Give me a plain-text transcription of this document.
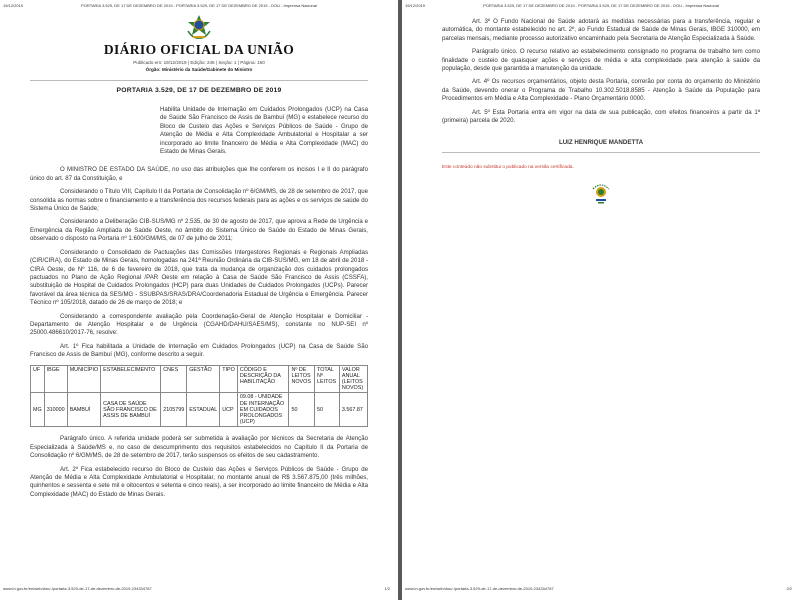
19/12/2019	PORTARIA 3.529, DE 17 DE DEZEMBRO DE 2019 - PORTARIA 3.529, DE 17 DE DEZEMBRO DE 2019 - DOU - Imprensa Nacional
DIÁRIO OFICIAL DA UNIÃO
Publicado em: 19/12/2019 | Edição: 245 | Seção: 1 | Página: 160
Órgão: Ministério da Saúde/Gabinete do Ministro
PORTARIA 3.529, DE 17 DE DEZEMBRO DE 2019
Habilita Unidade de Internação em Cuidados Prolongados (UCP) na Casa de Saúde São Francisco de Assis de Bambuí (MG) e estabelece recurso do Bloco de Custeio das Ações e Serviços Públicos de Saúde - Grupo de Atenção de Média e Alta Complexidade Ambulatorial e Hospitalar a ser incorporado ao limite financeiro de Média e Alta Complexidade (MAC) do Estado de Minas Gerais.

O MINISTRO DE ESTADO DA SAÚDE, no uso das atribuições que lhe conferem os incisos I e II do parágrafo único do art. 87 da Constituição, e

Considerando o Título VIII, Capítulo II da Portaria de Consolidação nº 6/GM/MS, de 28 de setembro de 2017, que consolida as normas sobre o financiamento e a transferência dos recursos federais para as ações e os serviços de saúde do Sistema Único de Saúde;

Considerando a Deliberação CIB-SUS/MG nº 2.535, de 30 de agosto de 2017, que aprova a Rede de Urgência e Emergência da Região Ampliada de Saúde Oeste, no âmbito do Sistema Único de Saúde do Estado de Minas Gerais, observado o disposto na Portaria nº 1.600/GM/MS, de 07 de julho de 2011;

Considerando o Consolidado de Pactuações das Comissões Intergestores Regionais e Regionais Ampliadas (CIR/CIRA), do Estado de Minas Gerais, homologadas na 241ª Reunião Ordinária da CIB-SUS/MG, em 18 de abril de 2018 - CIRA Oeste, de Nº 116, de 6 de fevereiro de 2018, que trata da mudança de organização dos cuidados prolongados pactuados no Plano de Ação Regional /PAR Oeste em relação à Casa de Saúde São Francisco de Assis (CSSFA), substituição de Hospital de Cuidados Prolongados (HCP) para duas Unidades de Cuidados Prolongados (UCPs). Parecer favorável da área técnica da SES/MG - SSUBPAS/SRAS/DRA/Coordenadoria Estadual de Urgência e Emergência. Parecer Técnico nº 105/2018, datado de 26 de março de 2018; e

Considerando a correspondente avaliação pela Coordenação-Geral de Atenção Hospitalar e Domiciliar - Departamento de Atenção Hospitalar e de Urgência (CGAHD/DAHU/SAES/MS), constante no NUP-SEI nº 25000.486610/2017-76, resolve:

Art. 1º Fica habilitada a Unidade de Internação em Cuidados Prolongados (UCP) na Casa de Saúde São Francisco de Assis de Bambuí (MG), conforme descrito a seguir.

UF	IBGE	MUNICÍPIO	ESTABELECIMENTO	CNES	GESTÃO	TIPO	CÓDIGO E DESCRIÇÃO DA HABILITAÇÃO	Nº DE LEITOS NOVOS	TOTAL Nº LEITOS	VALOR ANUAL (LEITOS NOVOS)
MG	310000	BAMBUÍ	CASA DE SAÚDE SÃO FRANCISCO DE ASSIS DE BAMBUÍ	2105799	ESTADUAL	UCP	09.08 - UNIDADE DE INTERNAÇÃO EM CUIDADOS PROLONGADOS (UCP)	50	50	3.567.87

Parágrafo único. A referida unidade poderá ser submetida à avaliação por técnicos da Secretaria de Atenção Especializada à Saúde/MS e, no caso de descumprimento dos requisitos estabelecidos no Capítulo II da Portaria de Consolidação nº 6/GM/MS, de 28 de setembro de 2017, terão suspensos os efeitos de seu cadastramento.

Art. 2º Fica estabelecido recurso do Bloco de Custeio das Ações e Serviços Públicos de Saúde - Grupo de Atenção de Média e Alta Complexidade Ambulatorial e Hospitalar, no montante anual de R$ 3.567.875,00 (três milhões, quinhentos e sessenta e sete mil e oitocentos e setenta e cinco reais), a ser incorporado ao limite financeiro de Média e Alta Complexidade (MAC) do Estado de Minas Gerais.

www.in.gov.br/en/web/dou/-/portaria-3.529-de-17-de-dezembro-de-2019-234334787	1/2
19/12/2019	PORTARIA 3.529, DE 17 DE DEZEMBRO DE 2019 - PORTARIA 3.529, DE 17 DE DEZEMBRO DE 2019 - DOU - Imprensa Nacional

Art. 3º O Fundo Nacional de Saúde adotará as medidas necessárias para a transferência, regular e automática, do montante estabelecido no art. 2º, ao Fundo Estadual de Saúde de Minas Gerais, IBGE 310000, em parcelas mensais, mediante processo autorizativo encaminhado pela Secretaria de Atenção Especializada à Saúde.

Parágrafo único. O recurso relativo ao estabelecimento consignado no programa de trabalho tem como finalidade o custeio de quaisquer ações e serviços de média e alta complexidade para atenção à saúde da população, desde que garantida a manutenção da unidade.

Art. 4º Os recursos orçamentários, objeto desta Portaria, correrão por conta do orçamento do Ministério da Saúde, devendo onerar o Programa de Trabalho 10.302.5018.8585 - Atenção à Saúde da População para Procedimentos em Média e Alta Complexidade - Plano Orçamentário 0000.

Art. 5º Esta Portaria entra em vigor na data de sua publicação, com efeitos financeiros a partir da 1ª (primeira) parcela de 2020.

LUIZ HENRIQUE MANDETTA
Este conteúdo não substitui o publicado na versão certificada.
www.in.gov.br/en/web/dou/-/portaria-3.529-de-17-de-dezembro-de-2019-234334787	2/2
